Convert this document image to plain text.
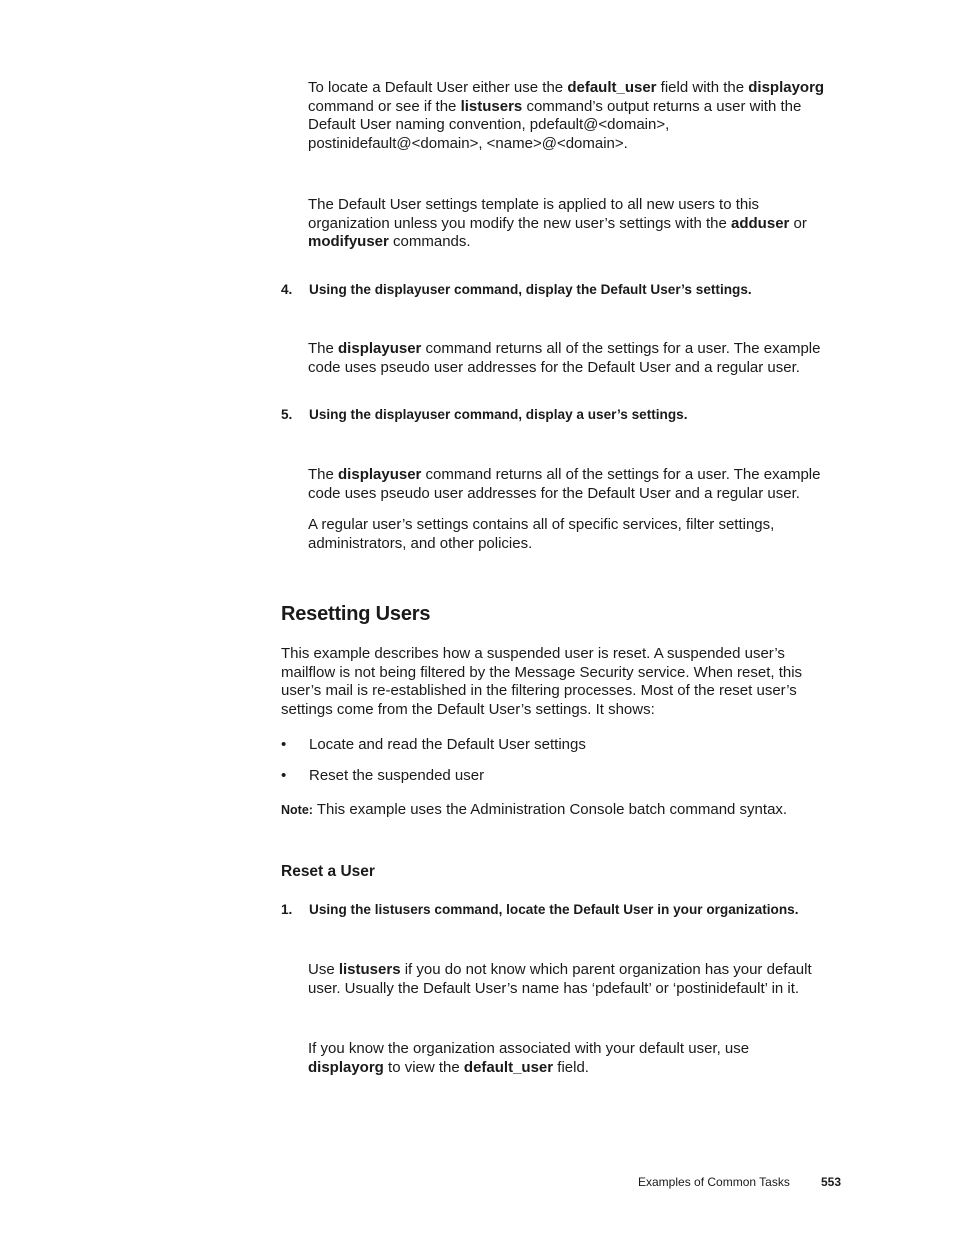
To locate a Default User either use the default_user field with the displayorg
command or see if the listusers command’s output returns a user with the
Default User naming convention, pdefault@<domain>,
postinidefault@<domain>, <name>@<domain>.
The Default User settings template is applied to all new users to this
organization unless you modify the new user’s settings with the adduser or
modifyuser commands.
4. Using the displayuser command, display the Default User’s settings.
The displayuser command returns all of the settings for a user. The example
code uses pseudo user addresses for the Default User and a regular user.
5. Using the displayuser command, display a user’s settings.
The displayuser command returns all of the settings for a user. The example
code uses pseudo user addresses for the Default User and a regular user.
A regular user’s settings contains all of specific services, filter settings,
administrators, and other policies.
Resetting Users
This example describes how a suspended user is reset. A suspended user’s
mailflow is not being filtered by the Message Security service. When reset, this
user’s mail is re-established in the filtering processes. Most of the reset user’s
settings come from the Default User’s settings. It shows:
• Locate and read the Default User settings
• Reset the suspended user
Note: This example uses the Administration Console batch command syntax.
Reset a User
1. Using the listusers command, locate the Default User in your organizations.
Use listusers if you do not know which parent organization has your default
user. Usually the Default User’s name has ‘pdefault’ or ‘postinidefault’ in it.
If you know the organization associated with your default user, use
displayorg to view the default_user field.
Examples of Common Tasks	553
